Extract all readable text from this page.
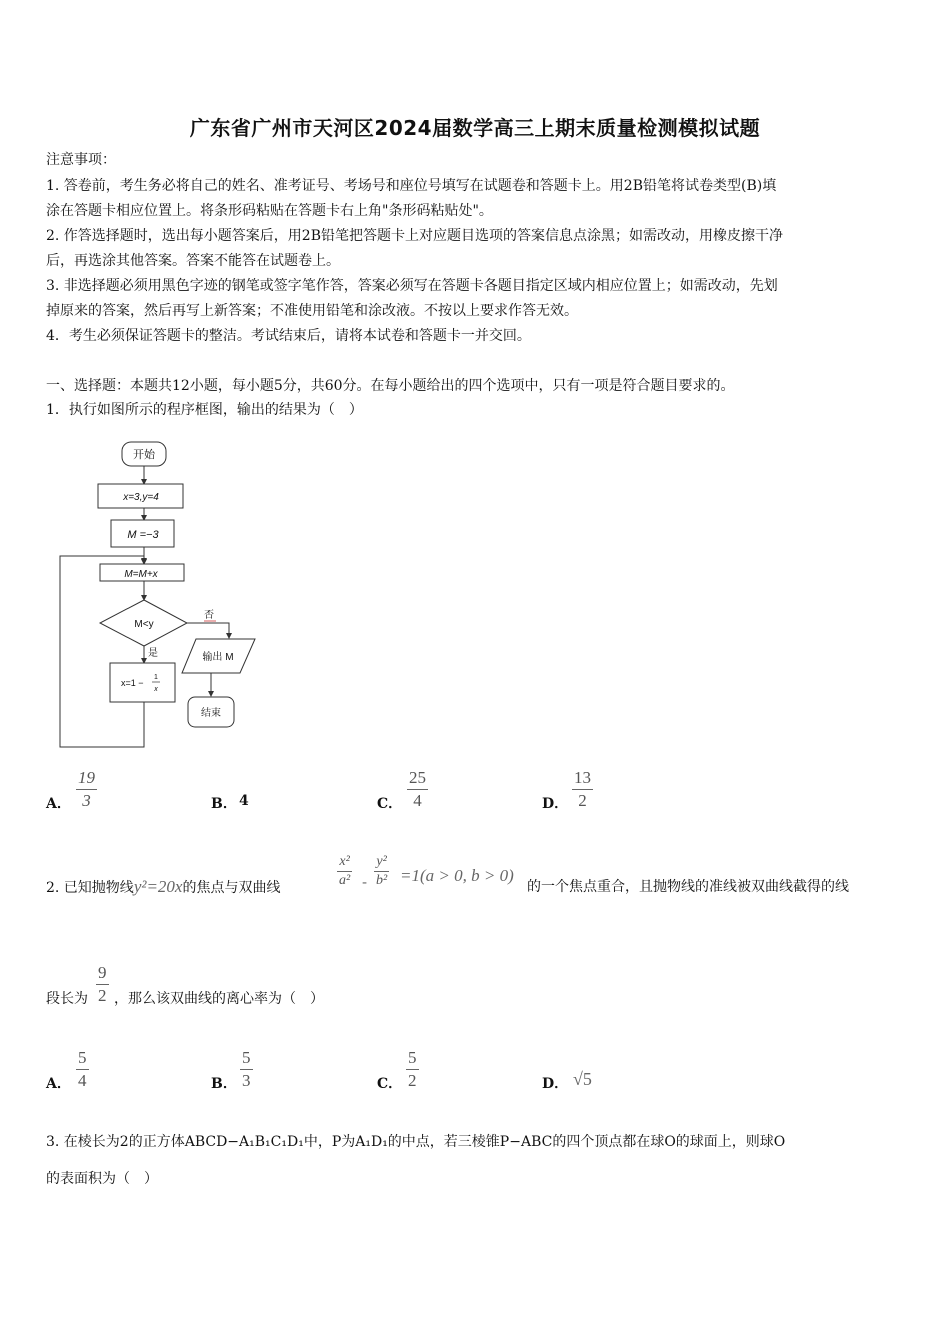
广东省广州市天河区2024届数学高三上期末质量检测模拟试题
注意事项：
1. 答卷前，考生务必将自己的姓名、准考证号、考场号和座位号填写在试题卷和答题卡上。用2B铅笔将试卷类型(B)填
涂在答题卡相应位置上。将条形码粘贴在答题卡右上角"条形码粘贴处"。
2. 作答选择题时，选出每小题答案后，用2B铅笔把答题卡上对应题目选项的答案信息点涂黑；如需改动，用橡皮擦干净
后，再选涂其他答案。答案不能答在试题卷上。
3. 非选择题必须用黑色字迹的钢笔或签字笔作答，答案必须写在答题卡各题目指定区域内相应位置上；如需改动，先划
掉原来的答案，然后再写上新答案；不准使用铅笔和涂改液。不按以上要求作答无效。
4．考生必须保证答题卡的整洁。考试结束后，请将本试卷和答题卡一并交回。
一、选择题：本题共12小题，每小题5分，共60分。在每小题给出的四个选项中，只有一项是符合题目要求的。
1．执行如图所示的程序框图，输出的结果为（　）
开始
x=3,y=4
M =−3
M=M+x
M<y
否
是	输出 M
x=1 −
1
x
结束
A．
19
3	B． 4	C．
25
4	D．
13
2
2. 已知抛物线y²=20x的焦点与双曲线
x²
a² -
y²
b² =1(a > 0, b > 0)
的一个焦点重合，且抛物线的准线被双曲线截得的线
段长为
9
2 ，那么该双曲线的离心率为（　）
A．
5
4	B．
5
3	C．
5
2	D． √5
3. 在棱长为2的正方体ABCD−A₁B₁C₁D₁中，P为A₁D₁的中点，若三棱锥P−ABC的四个顶点都在球O的球面上，则球O
的表面积为（　）
